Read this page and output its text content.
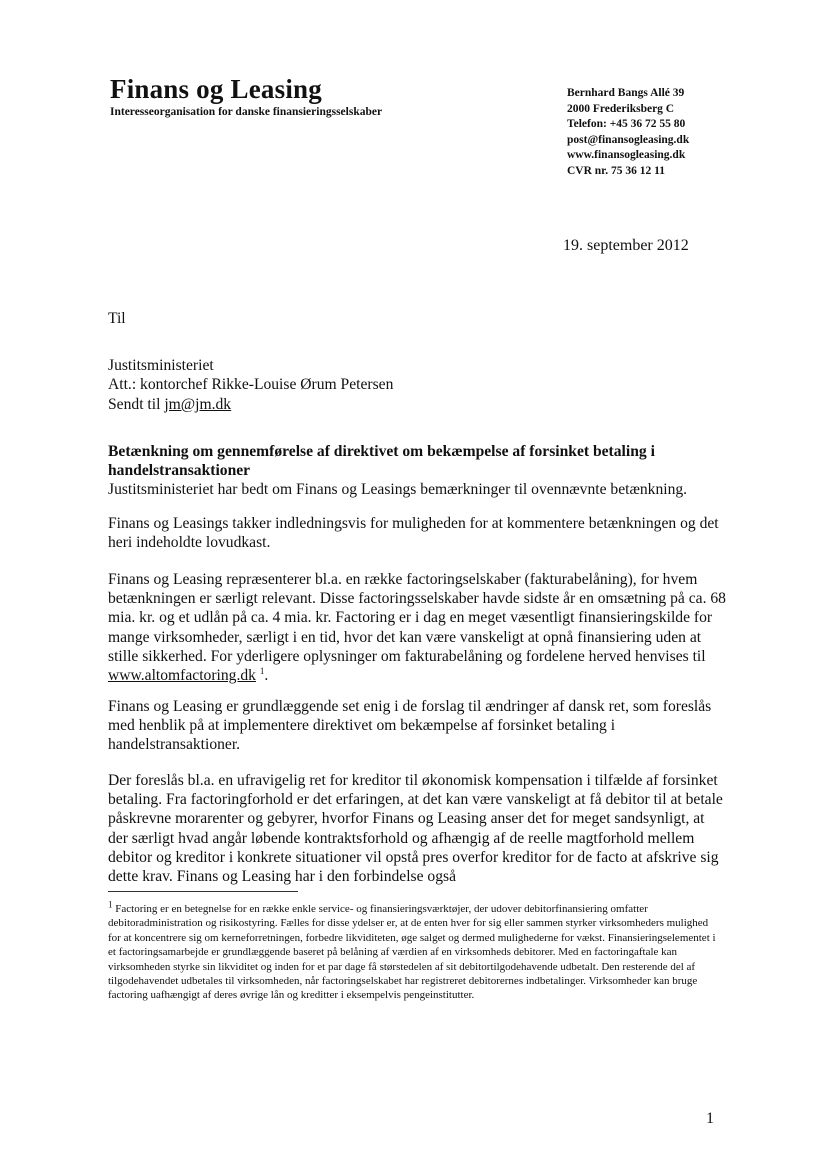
Finans og Leasing
Interesseorganisation for danske finansieringsselskaber
Bernhard Bangs Allé 39
2000 Frederiksberg C
Telefon: +45 36 72 55 80
post@finansogleasing.dk
www.finansogleasing.dk
CVR nr. 75 36 12 11
19. september 2012
Til
Justitsministeriet
Att.: kontorchef Rikke-Louise Ørum Petersen
Sendt til jm@jm.dk

Betænkning om gennemførelse af direktivet om bekæmpelse af forsinket betaling i handelstransaktioner

Justitsministeriet har bedt om Finans og Leasings bemærkninger til ovennævnte betænkning.

Finans og Leasings takker indledningsvis for muligheden for at kommentere betænkningen og det heri indeholdte lovudkast.

Finans og Leasing repræsenterer bl.a. en række factoringselskaber (fakturabelåning), for hvem betænkningen er særligt relevant. Disse factoringsselskaber havde sidste år en omsætning på ca. 68 mia. kr. og et udlån på ca. 4 mia. kr. Factoring er i dag en meget væsentligt finansieringskilde for mange virksomheder, særligt i en tid, hvor det kan være vanskeligt at opnå finansiering uden at stille sikkerhed. For yderligere oplysninger om fakturabelåning og fordelene herved henvises til www.altomfactoring.dk $^1$.

Finans og Leasing er grundlæggende set enig i de forslag til ændringer af dansk ret, som foreslås med henblik på at implementere direktivet om bekæmpelse af forsinket betaling i handelstransaktioner.

Der foreslås bl.a. en ufravigelig ret for kreditor til økonomisk kompensation i tilfælde af forsinket betaling. Fra factoringforhold er det erfaringen, at det kan være vanskeligt at få debitor til at betale påskrevne morarenter og gebyrer, hvorfor Finans og Leasing anser det for meget sandsynligt, at der særligt hvad angår løbende kontraktsforhold og afhængig af de reelle magtforhold mellem debitor og kreditor i konkrete situationer vil opstå pres overfor kreditor for de facto at afskrive sig dette krav. Finans og Leasing har i den forbindelse også

$^1$ Factoring er en betegnelse for en række enkle service- og finansieringsværktøjer, der udover debitorfinansiering omfatter debitoradministration og risikostyring. Fælles for disse ydelser er, at de enten hver for sig eller sammen styrker virksomheders mulighed for at koncentrere sig om kerneforretningen, forbedre likviditeten, øge salget og dermed mulighederne for vækst. Finansieringselementet i et factoringsamarbejde er grundlæggende baseret på belåning af værdien af en virksomheds debitorer. Med en factoringaftale kan virksomheden styrke sin likviditet og inden for et par dage få størstedelen af sit debitortilgodehavende udbetalt. Den resterende del af tilgodehavendet udbetales til virksomheden, når factoringselskabet har registreret debitorernes indbetalinger. Virksomheder kan bruge factoring uafhængigt af deres øvrige lån og kreditter i eksempelvis pengeinstitutter.

1
